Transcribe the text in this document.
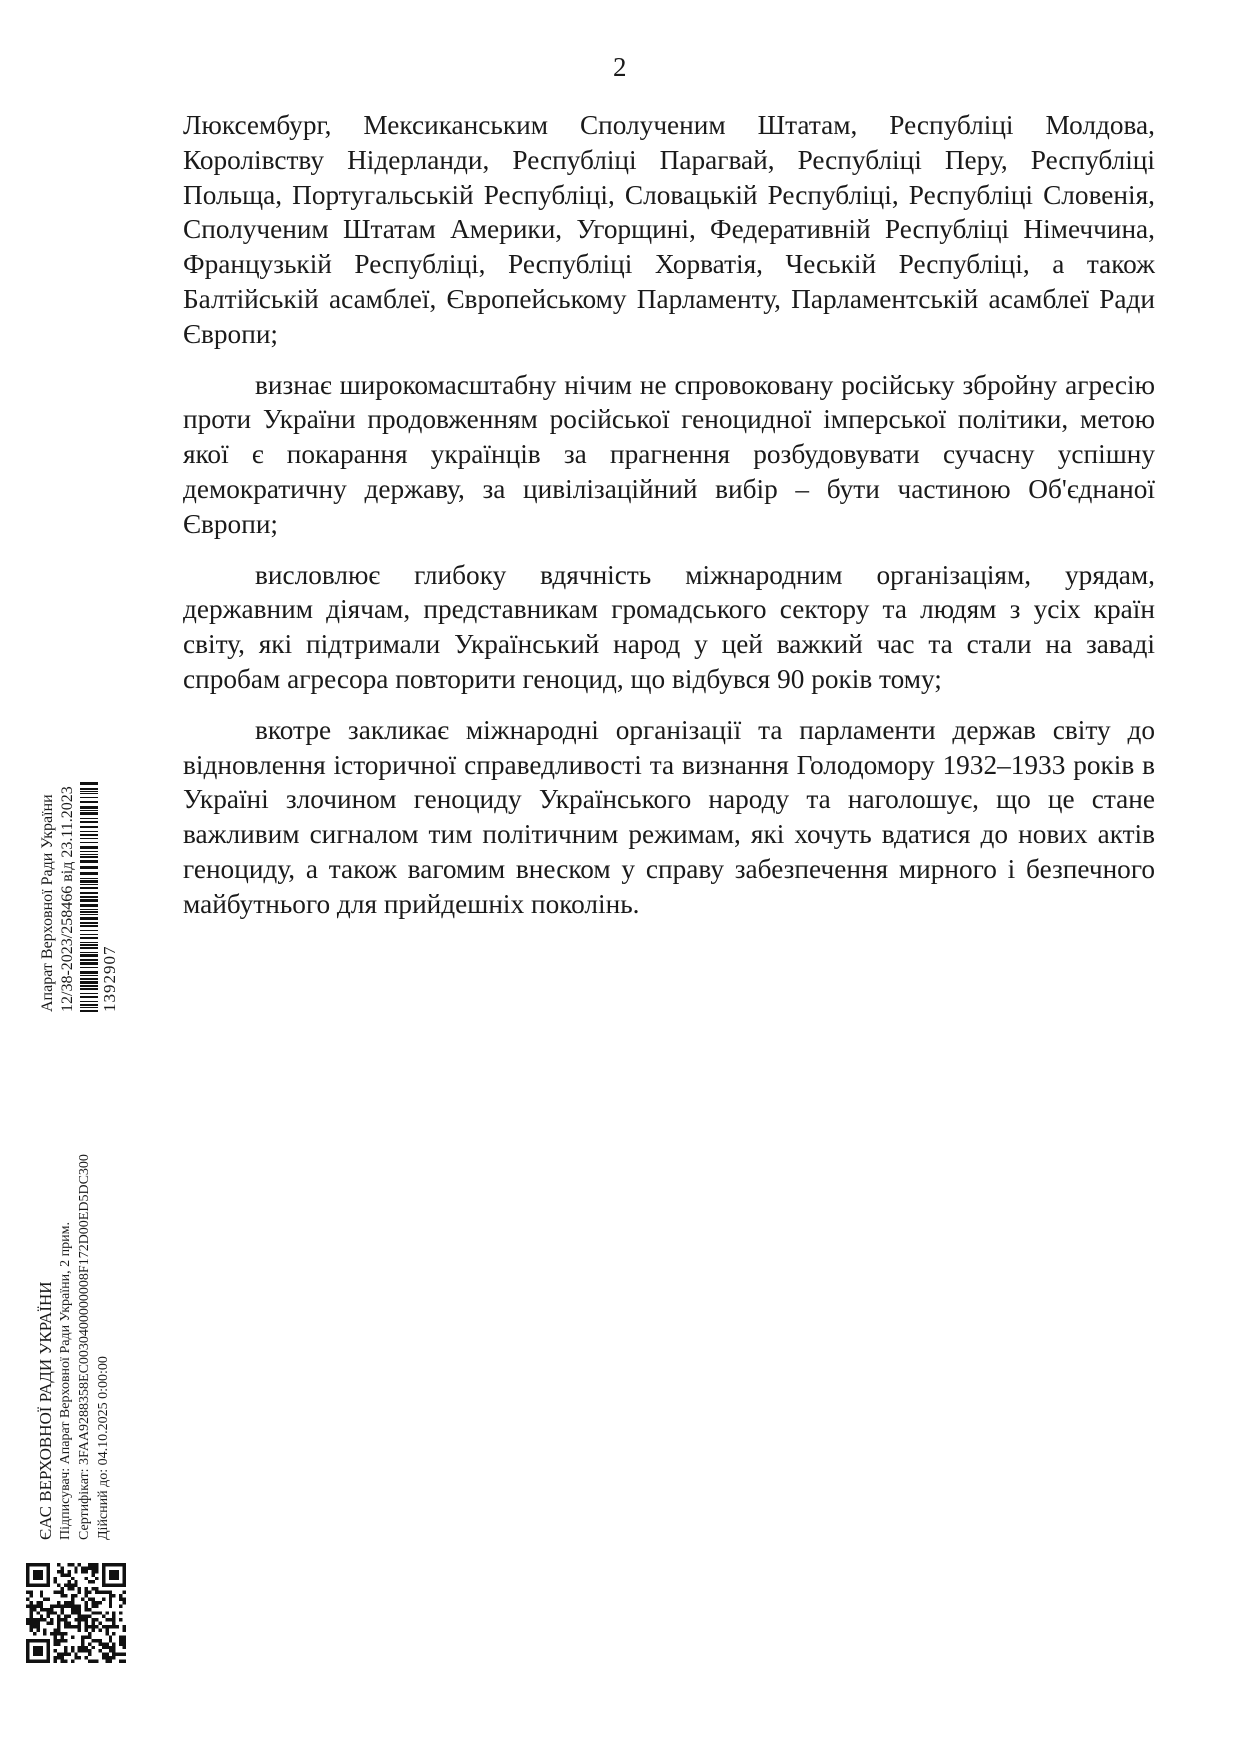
2

Люксембург, Мексиканським Сполученим Штатам, Республіці Молдова, Королівству Нідерланди, Республіці Парагвай, Республіці Перу, Республіці Польща, Португальській Республіці, Словацькій Республіці, Республіці Словенія, Сполученим Штатам Америки, Угорщині, Федеративній Республіці Німеччина, Французькій Республіці, Республіці Хорватія, Чеській Республіці, а також Балтійській асамблеї, Європейському Парламенту, Парламентській асамблеї Ради Європи;

визнає широкомасштабну нічим не спровоковану російську збройну агресію проти України продовженням російської геноцидної імперської політики, метою якої є покарання українців за прагнення розбудовувати сучасну успішну демократичну державу, за цивілізаційний вибір – бути частиною Об'єднаної Європи;

висловлює глибоку вдячність міжнародним організаціям, урядам, державним діячам, представникам громадського сектору та людям з усіх країн світу, які підтримали Український народ у цей важкий час та стали на заваді спробам агресора повторити геноцид, що відбувся 90 років тому;

вкотре закликає міжнародні організації та парламенти держав світу до відновлення історичної справедливості та визнання Голодомору 1932–1933 років в Україні злочином геноциду Українського народу та наголошує, що це стане важливим сигналом тим політичним режимам, які хочуть вдатися до нових актів геноциду, а також вагомим внеском у справу забезпечення мирного і безпечного майбутнього для прийдешніх поколінь.

Апарат Верховної Ради України 12/38-2023/258466 від 23.11.2023 1392907
ЄАС ВЕРХОВНОЇ РАДИ УКРАЇНИ Підписувач: Апарат Верховної Ради України, 2 прим. Сертифікат: 3FAA9288358EC0030400000008F172D00ED5DC300 Дійсний до: 04.10.2025 0:00:00
